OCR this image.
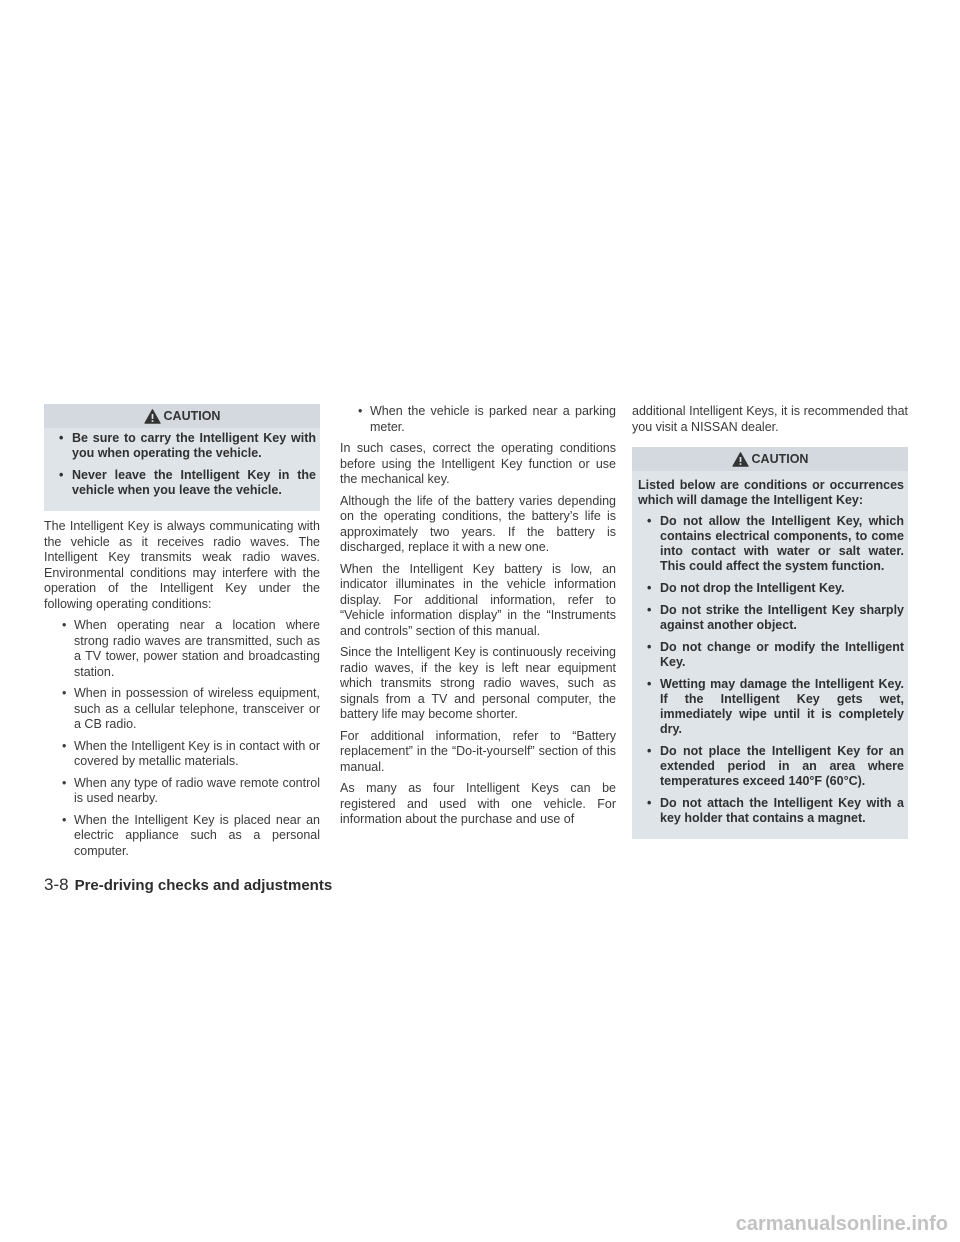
CAUTION
• Be sure to carry the Intelligent Key with you when operating the vehicle.
• Never leave the Intelligent Key in the vehicle when you leave the vehicle.

The Intelligent Key is always communicating with the vehicle as it receives radio waves. The Intelligent Key transmits weak radio waves. Environmental conditions may interfere with the operation of the Intelligent Key under the following operating conditions:

• When operating near a location where strong radio waves are transmitted, such as a TV tower, power station and broadcasting station.
• When in possession of wireless equipment, such as a cellular telephone, transceiver or a CB radio.
• When the Intelligent Key is in contact with or covered by metallic materials.
• When any type of radio wave remote control is used nearby.
• When the Intelligent Key is placed near an electric appliance such as a personal computer.
• When the vehicle is parked near a parking meter.

In such cases, correct the operating conditions before using the Intelligent Key function or use the mechanical key.

Although the life of the battery varies depending on the operating conditions, the battery’s life is approximately two years. If the battery is discharged, replace it with a new one.

When the Intelligent Key battery is low, an indicator illuminates in the vehicle information display. For additional information, refer to “Vehicle information display” in the “Instruments and controls” section of this manual.

Since the Intelligent Key is continuously receiving radio waves, if the key is left near equipment which transmits strong radio waves, such as signals from a TV and personal computer, the battery life may become shorter.

For additional information, refer to “Battery replacement” in the “Do-it-yourself” section of this manual.

As many as four Intelligent Keys can be registered and used with one vehicle. For information about the purchase and use of

additional Intelligent Keys, it is recommended that you visit a NISSAN dealer.

CAUTION

Listed below are conditions or occurrences which will damage the Intelligent Key:

• Do not allow the Intelligent Key, which contains electrical components, to come into contact with water or salt water. This could affect the system function.
• Do not drop the Intelligent Key.
• Do not strike the Intelligent Key sharply against another object.
• Do not change or modify the Intelligent Key.
• Wetting may damage the Intelligent Key. If the Intelligent Key gets wet, immediately wipe until it is completely dry.
• Do not place the Intelligent Key for an extended period in an area where temperatures exceed 140°F (60°C).
• Do not attach the Intelligent Key with a key holder that contains a magnet.
3-8 Pre-driving checks and adjustments
carmanualsonline.info
